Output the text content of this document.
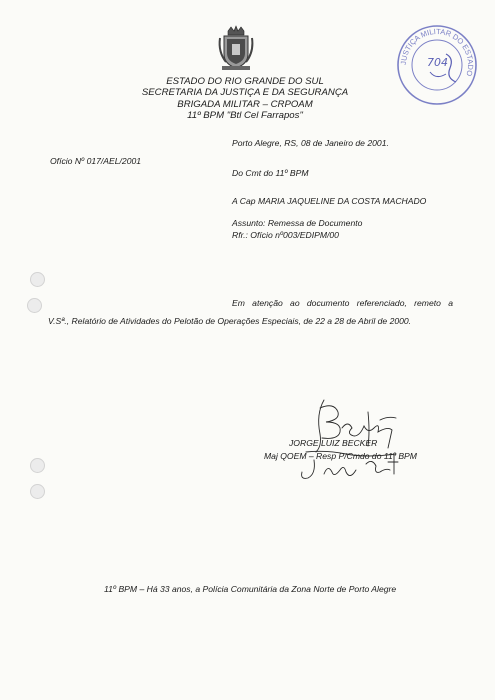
ESTADO DO RIO GRANDE DO SUL
SECRETARIA DA JUSTIÇA E DA SEGURANÇA
BRIGADA MILITAR – CRPOAM
11º BPM "Btl Cel Farrapos"
JUSTIÇA MILITAR DO ESTADO
704
Porto Alegre, RS, 08 de Janeiro de 2001.
Ofício Nº 017/AEL/2001
Do Cmt do 11º BPM
A Cap MARIA JAQUELINE DA COSTA MACHADO
Assunto: Remessa de Documento
Rfr.: Ofício nº003/EDIPM/00
Em atenção ao documento referenciado, remeto a
V.Sª., Relatório de Atividades do Pelotão de Operações Especiais, de 22 a 28 de Abril de 2000.
JORGE LUIZ BECKER
Maj QOEM – Resp P/Cmdo do 11º BPM
11º BPM – Há 33 anos, a Polícia Comunitária da Zona Norte de Porto Alegre
